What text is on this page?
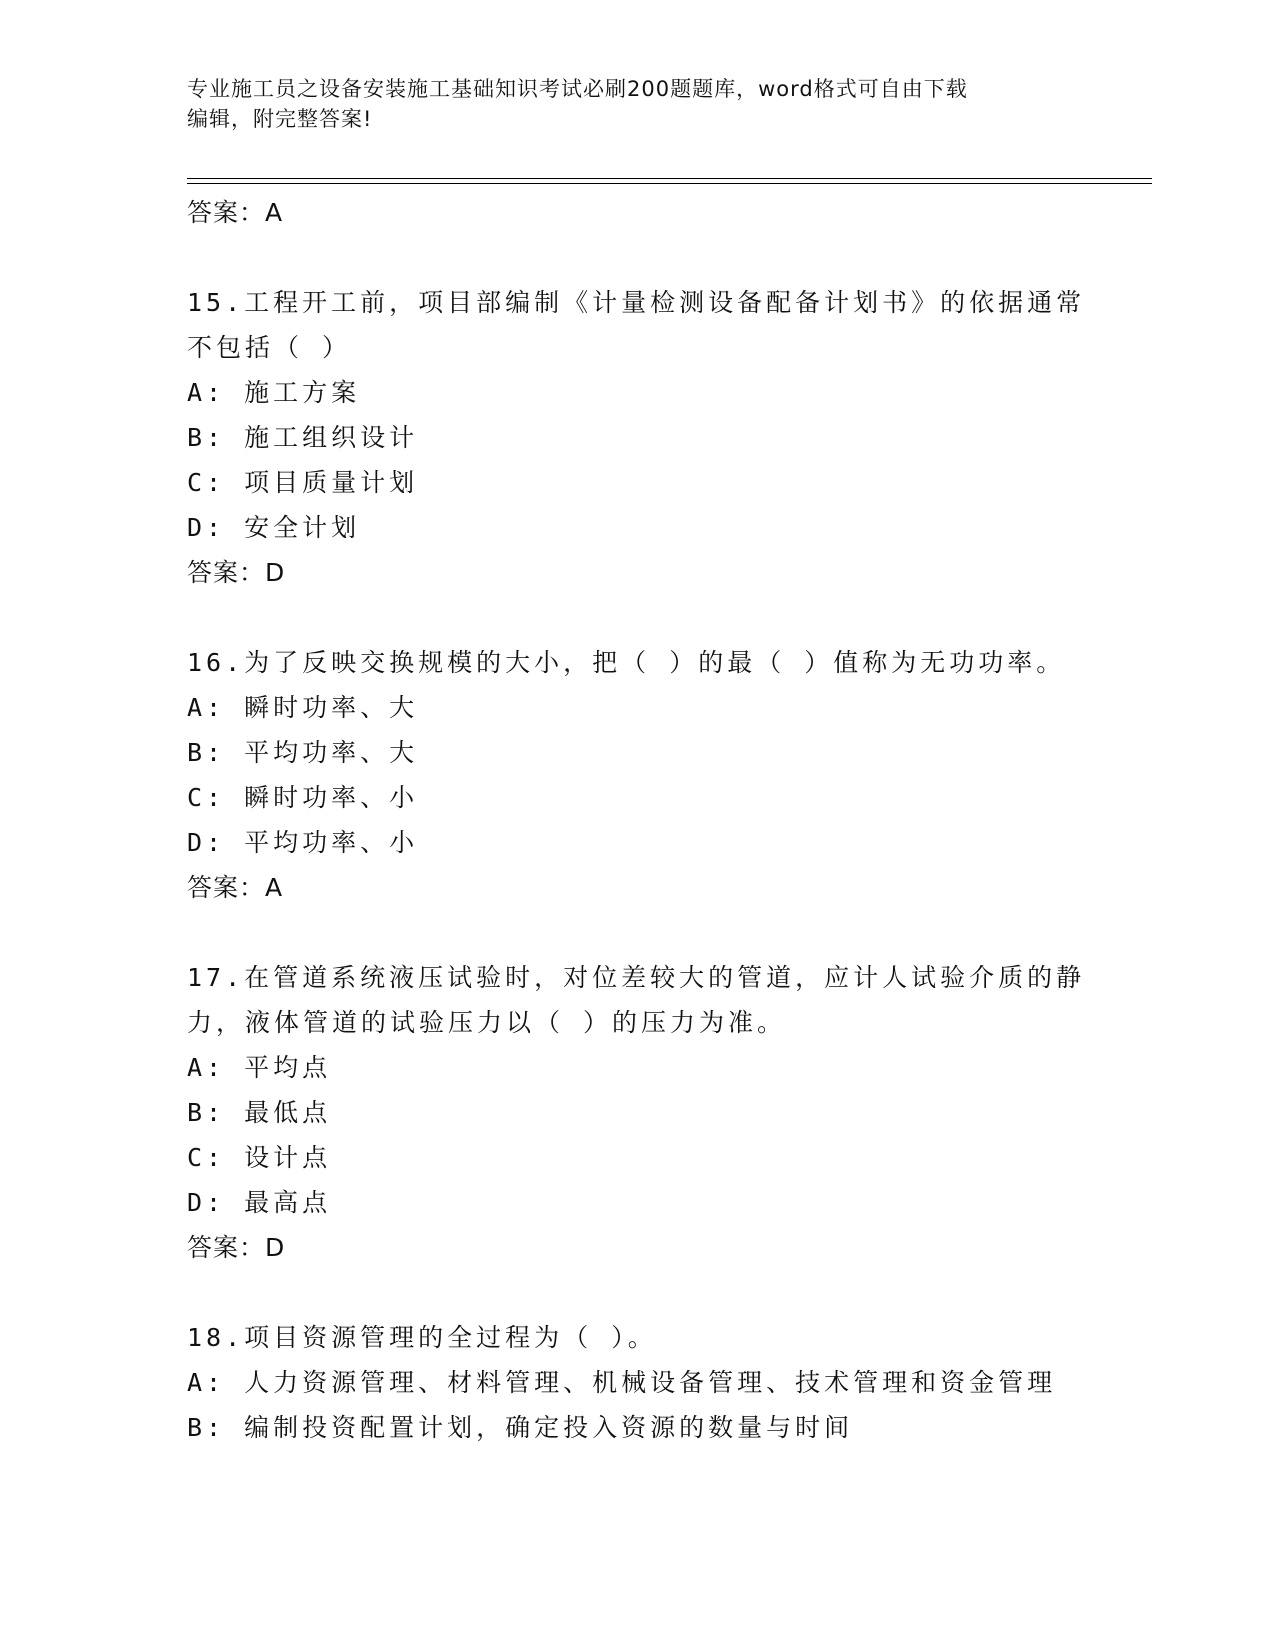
专业施工员之设备安装施工基础知识考试必刷200题题库，word格式可自由下载
编辑，附完整答案!
答案：A
15.工程开工前，项目部编制《计量检测设备配备计划书》的依据通常
不包括（ ）
A: 施工方案
B: 施工组织设计
C: 项目质量计划
D: 安全计划
答案：D
16.为了反映交换规模的大小，把（ ）的最（ ）值称为无功功率。
A: 瞬时功率、大
B: 平均功率、大
C: 瞬时功率、小
D: 平均功率、小
答案：A
17.在管道系统液压试验时，对位差较大的管道，应计人试验介质的静
力，液体管道的试验压力以（ ）的压力为准。
A: 平均点
B: 最低点
C: 设计点
D: 最高点
答案：D
18.项目资源管理的全过程为（ ）。
A: 人力资源管理、材料管理、机械设备管理、技术管理和资金管理
B: 编制投资配置计划，确定投入资源的数量与时间
